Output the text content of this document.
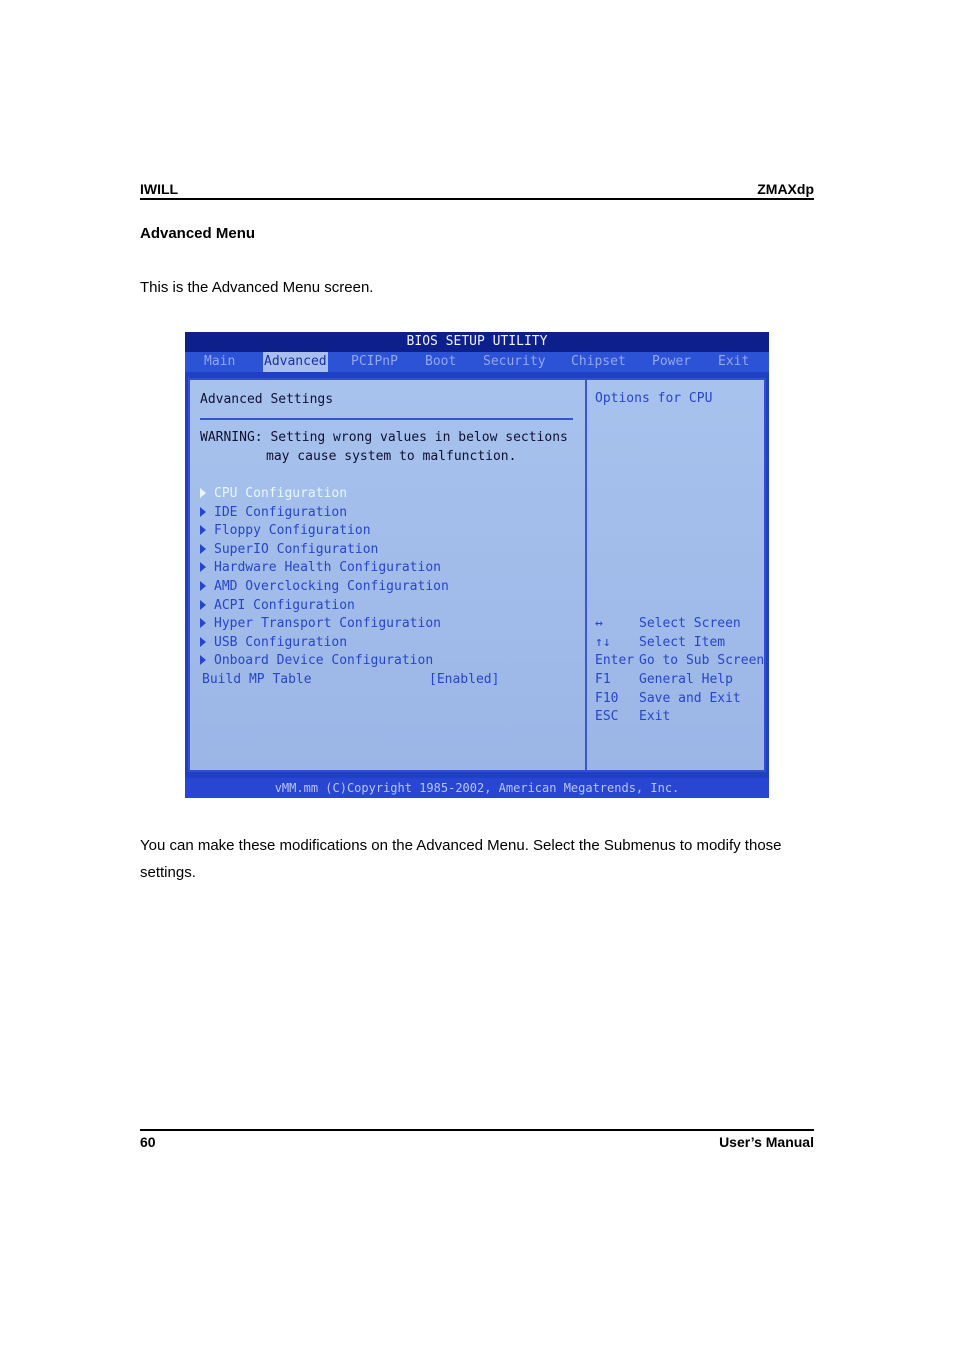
IWILL	ZMAXdp
Advanced Menu
This is the Advanced Menu screen.
BIOS SETUP UTILITY
Main Advanced PCIPnP Boot Security Chipset Power Exit
Advanced Settings
WARNING: Setting wrong values in below sections
may cause system to malfunction.
CPU Configuration
IDE Configuration
Floppy Configuration
SuperIO Configuration
Hardware Health Configuration
AMD Overclocking Configuration
ACPI Configuration
Hyper Transport Configuration
USB Configuration
Onboard Device Configuration
Build MP Table	[Enabled]
Options for CPU
↔	Select Screen
↑↓ Select Item
Enter Go to Sub Screen
F1 General Help
F10 Save and Exit
ESC Exit
vMM.mm (C)Copyright 1985-2002, American Megatrends, Inc.
You can make these modifications on the Advanced Menu. Select the Submenus to modify those settings.
60	User’s Manual
